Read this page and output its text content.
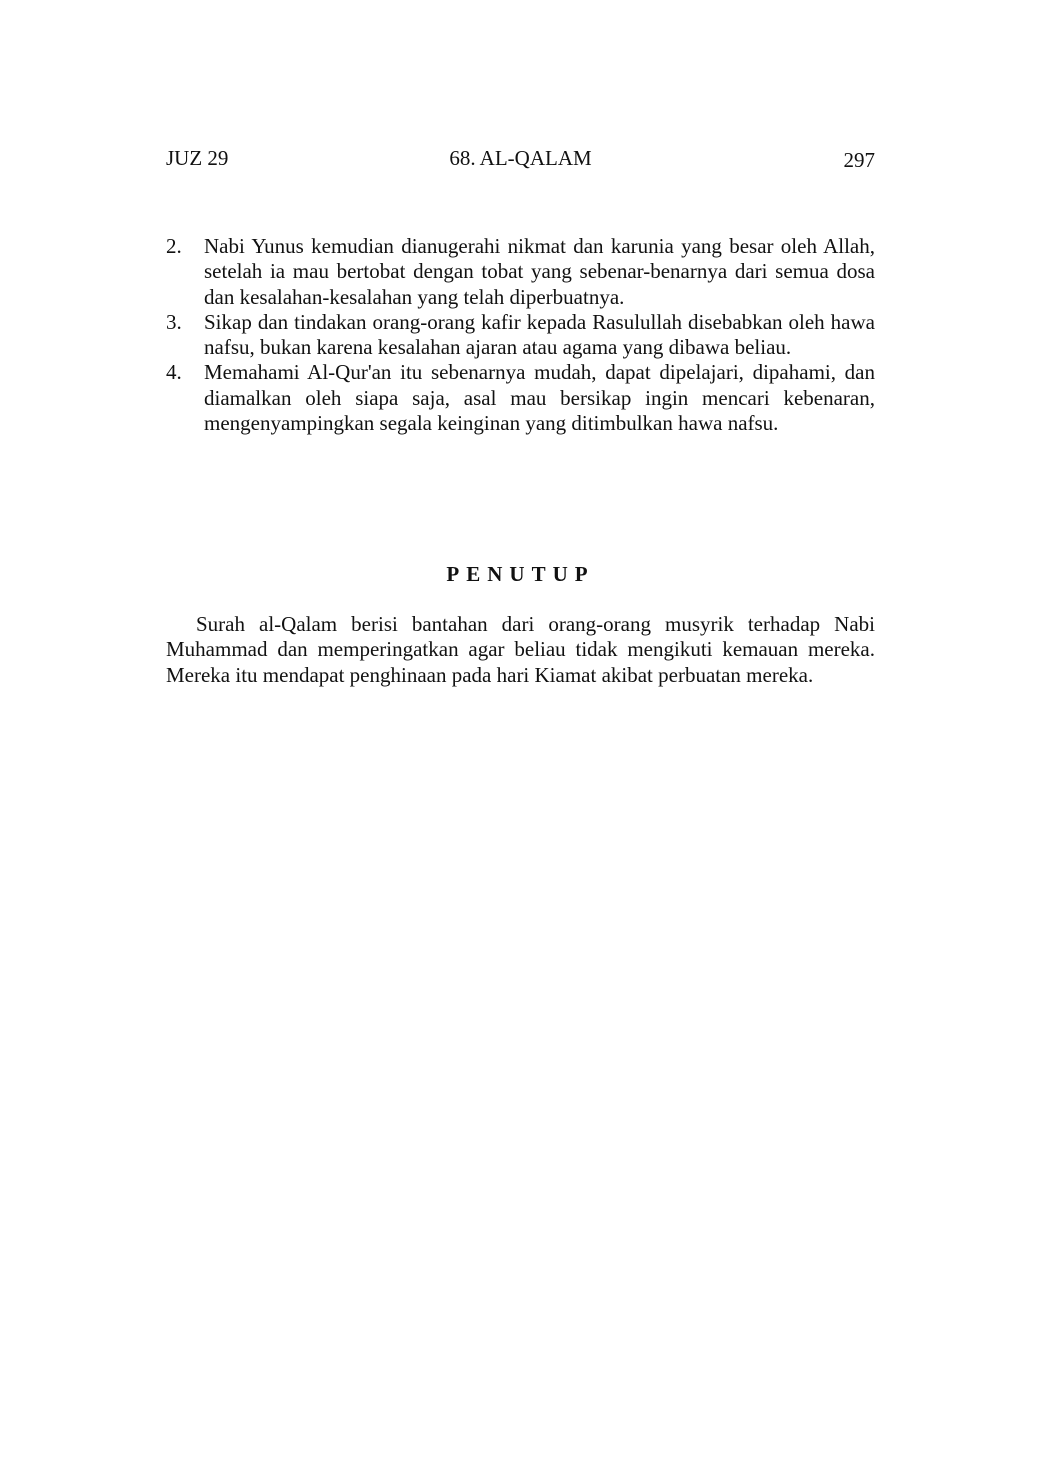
JUZ 29	68. AL-QALAM	297
2. Nabi Yunus kemudian dianugerahi nikmat dan karunia yang besar oleh Allah, setelah ia mau bertobat dengan tobat yang sebenar-benarnya dari semua dosa dan kesalahan-kesalahan yang telah diperbuatnya.
3. Sikap dan tindakan orang-orang kafir kepada Rasulullah disebabkan oleh hawa nafsu, bukan karena kesalahan ajaran atau agama yang dibawa beliau.
4. Memahami Al-Qur'an itu sebenarnya mudah, dapat dipelajari, dipahami, dan diamalkan oleh siapa saja, asal mau bersikap ingin mencari kebenaran, mengenyampingkan segala keinginan yang ditimbulkan hawa nafsu.
PENUTUP

Surah al-Qalam berisi bantahan dari orang-orang musyrik terhadap Nabi Muhammad dan memperingatkan agar beliau tidak mengikuti kemauan mereka. Mereka itu mendapat penghinaan pada hari Kiamat akibat perbuatan mereka.
